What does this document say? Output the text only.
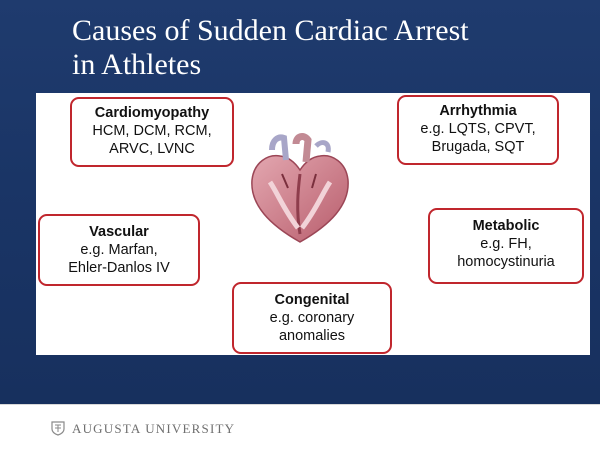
Causes of Sudden Cardiac Arrest
in Athletes
Cardiomyopathy
HCM, DCM, RCM,
ARVC, LVNC
Arrhythmia
e.g. LQTS, CPVT,
Brugada, SQT
Vascular
e.g. Marfan,
Ehler-Danlos IV
Metabolic
e.g. FH,
homocystinuria
Congenital
e.g. coronary
anomalies
AUGUSTA UNIVERSITY
